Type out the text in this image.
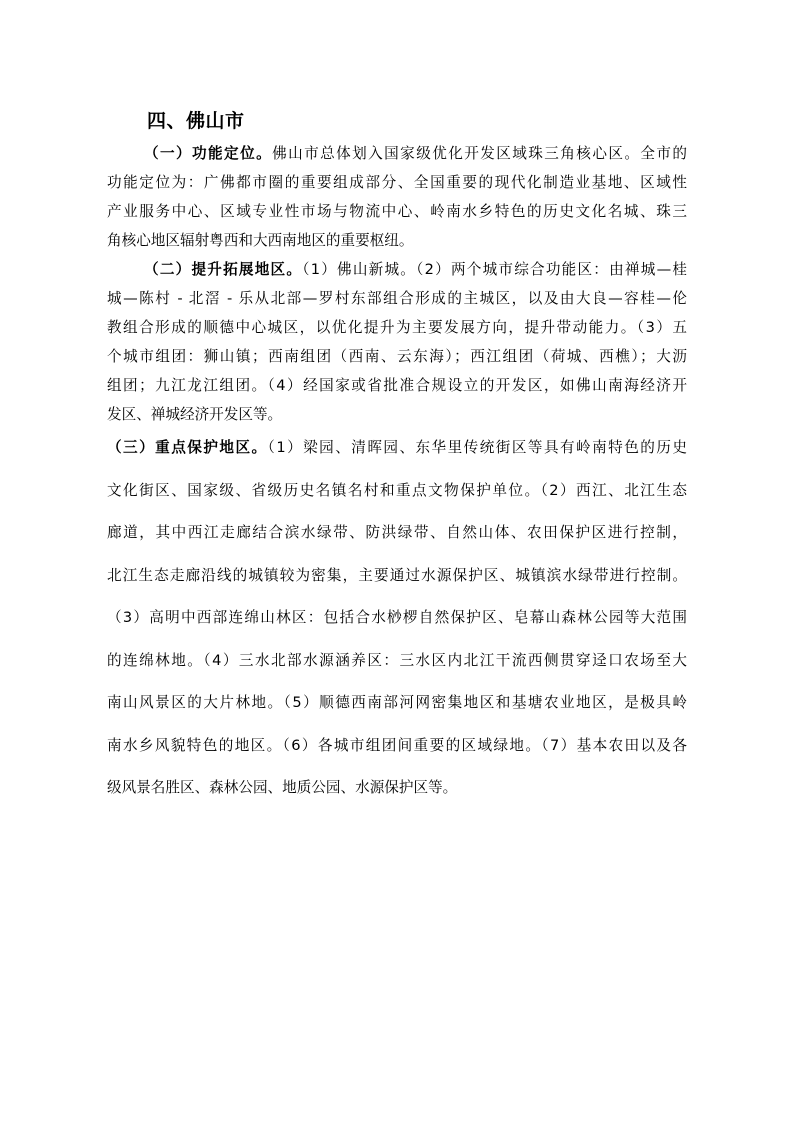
四、佛山市
（一）功能定位。佛山市总体划入国家级优化开发区域珠三角核心区。全市的
功能定位为：广佛都市圈的重要组成部分、全国重要的现代化制造业基地、区域性
产业服务中心、区域专业性市场与物流中心、岭南水乡特色的历史文化名城、珠三
角核心地区辐射粤西和大西南地区的重要枢纽。
（二）提升拓展地区。（1）佛山新城。（2）两个城市综合功能区：由禅城—桂
城—陈村 - 北滘 - 乐从北部—罗村东部组合形成的主城区，以及由大良—容桂—伦
教组合形成的顺德中心城区，以优化提升为主要发展方向，提升带动能力。（3）五
个城市组团：狮山镇；西南组团（西南、云东海）；西江组团（荷城、西樵）；大沥
组团；九江龙江组团。（4）经国家或省批准合规设立的开发区，如佛山南海经济开
发区、禅城经济开发区等。
（三）重点保护地区。（1）梁园、清晖园、东华里传统街区等具有岭南特色的历史
文化街区、国家级、省级历史名镇名村和重点文物保护单位。（2）西江、北江生态
廊道，其中西江走廊结合滨水绿带、防洪绿带、自然山体、农田保护区进行控制，
北江生态走廊沿线的城镇较为密集，主要通过水源保护区、城镇滨水绿带进行控制。
（3）高明中西部连绵山林区：包括合水桫椤自然保护区、皂幕山森林公园等大范围
的连绵林地。（4）三水北部水源涵养区：三水区内北江干流西侧贯穿迳口农场至大
南山风景区的大片林地。（5）顺德西南部河网密集地区和基塘农业地区，是极具岭
南水乡风貌特色的地区。（6）各城市组团间重要的区域绿地。（7）基本农田以及各
级风景名胜区、森林公园、地质公园、水源保护区等。
